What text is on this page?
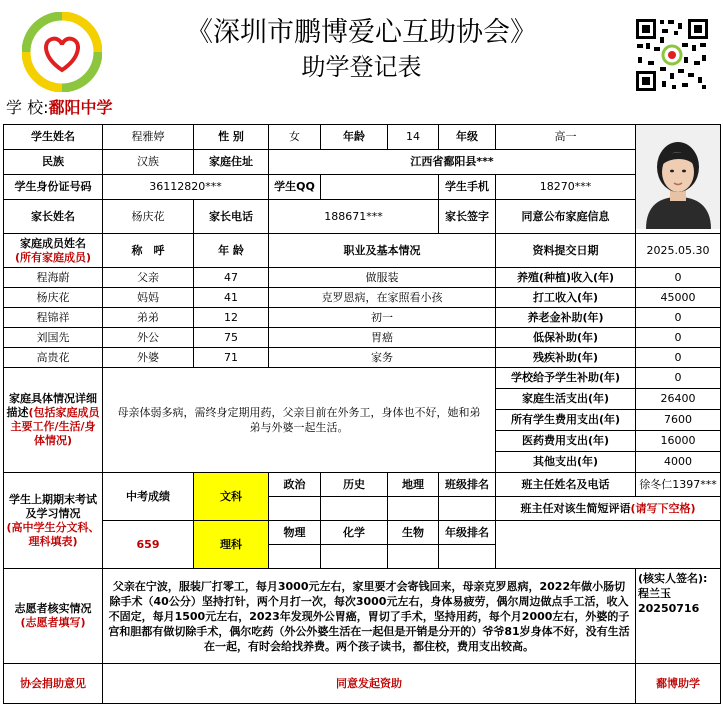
《深圳市鹏博爱心互助协会》
助学登记表
学 校:鄱阳中学
学生姓名	程雅婷	性 别	女	年龄	14	年级	高一	
民族	汉族	家庭住址	江西省鄱阳县***					
学生身份证号码	36112820***		学生QQ			学生手机	18270***	
家长姓名	杨庆花	家长电话	188671***			家长签字	同意公布家庭信息	

家庭成员姓名
(所有家庭成员)	称　呼	年 龄	职业及基本情况				资料提交日期	2025.05.30
程海蔚	父亲	47	做服装				养殖(种植)收入(年)	0
杨庆花	妈妈	41	克罗恩病，在家照看小孩				打工收入(年)	45000
程锦祥	弟弟	12	初一				养老金补助(年)	0
刘国先	外公	75	胃癌				低保补助(年)	0
高贵花	外婆	71	家务				残疾补助(年)	0
家庭具体情况详细描述(包括家庭成员主要工作/生活/身体情况)	母亲体弱多病，需终身定期用药，父亲目前在外务工，身体也不好，她和弟弟与外婆一起生活。						学校给予学生补助(年)	0
							家庭生活支出(年)	26400
							所有学生费用支出(年)	7600
							医药费用支出(年)	16000
							其他支出(年)	4000

学生上期期末考试及学习情况
(高中学生分文科、理科填表)	中考成绩	文科	政治	历史	地理	班级排名	班主任姓名及电话	徐冬仁1397***
							班主任对该生简短评语(请写下空格)	
	659	理科	物理	化学	生物	年级排名		

志愿者核实情况
(志愿者填写)	父亲在宁波，服装厂打零工，每月3000元左右，家里要才会寄钱回来，母亲克罗恩病，2022年做小肠切除手术（40公分）坚持打针，两个月打一次，每次3000元左右，身体易疲劳，偶尔周边做点手工活，收入不固定，每月1500元左右，2023年发现外公胃癌，胃切了手术，坚持用药，每个月2000左右，外婆的子宫和胆都有做切除手术，偶尔吃药（外公外婆生活在一起但是开销是分开的）爷爷81岁身体不好，没有生活在一起，有时会给找养费。两个孩子读书，都住校，费用支出较高。							(核实人签名): 程兰玉20250716
协会捐助意见	同意发起资助							鄱博助学
